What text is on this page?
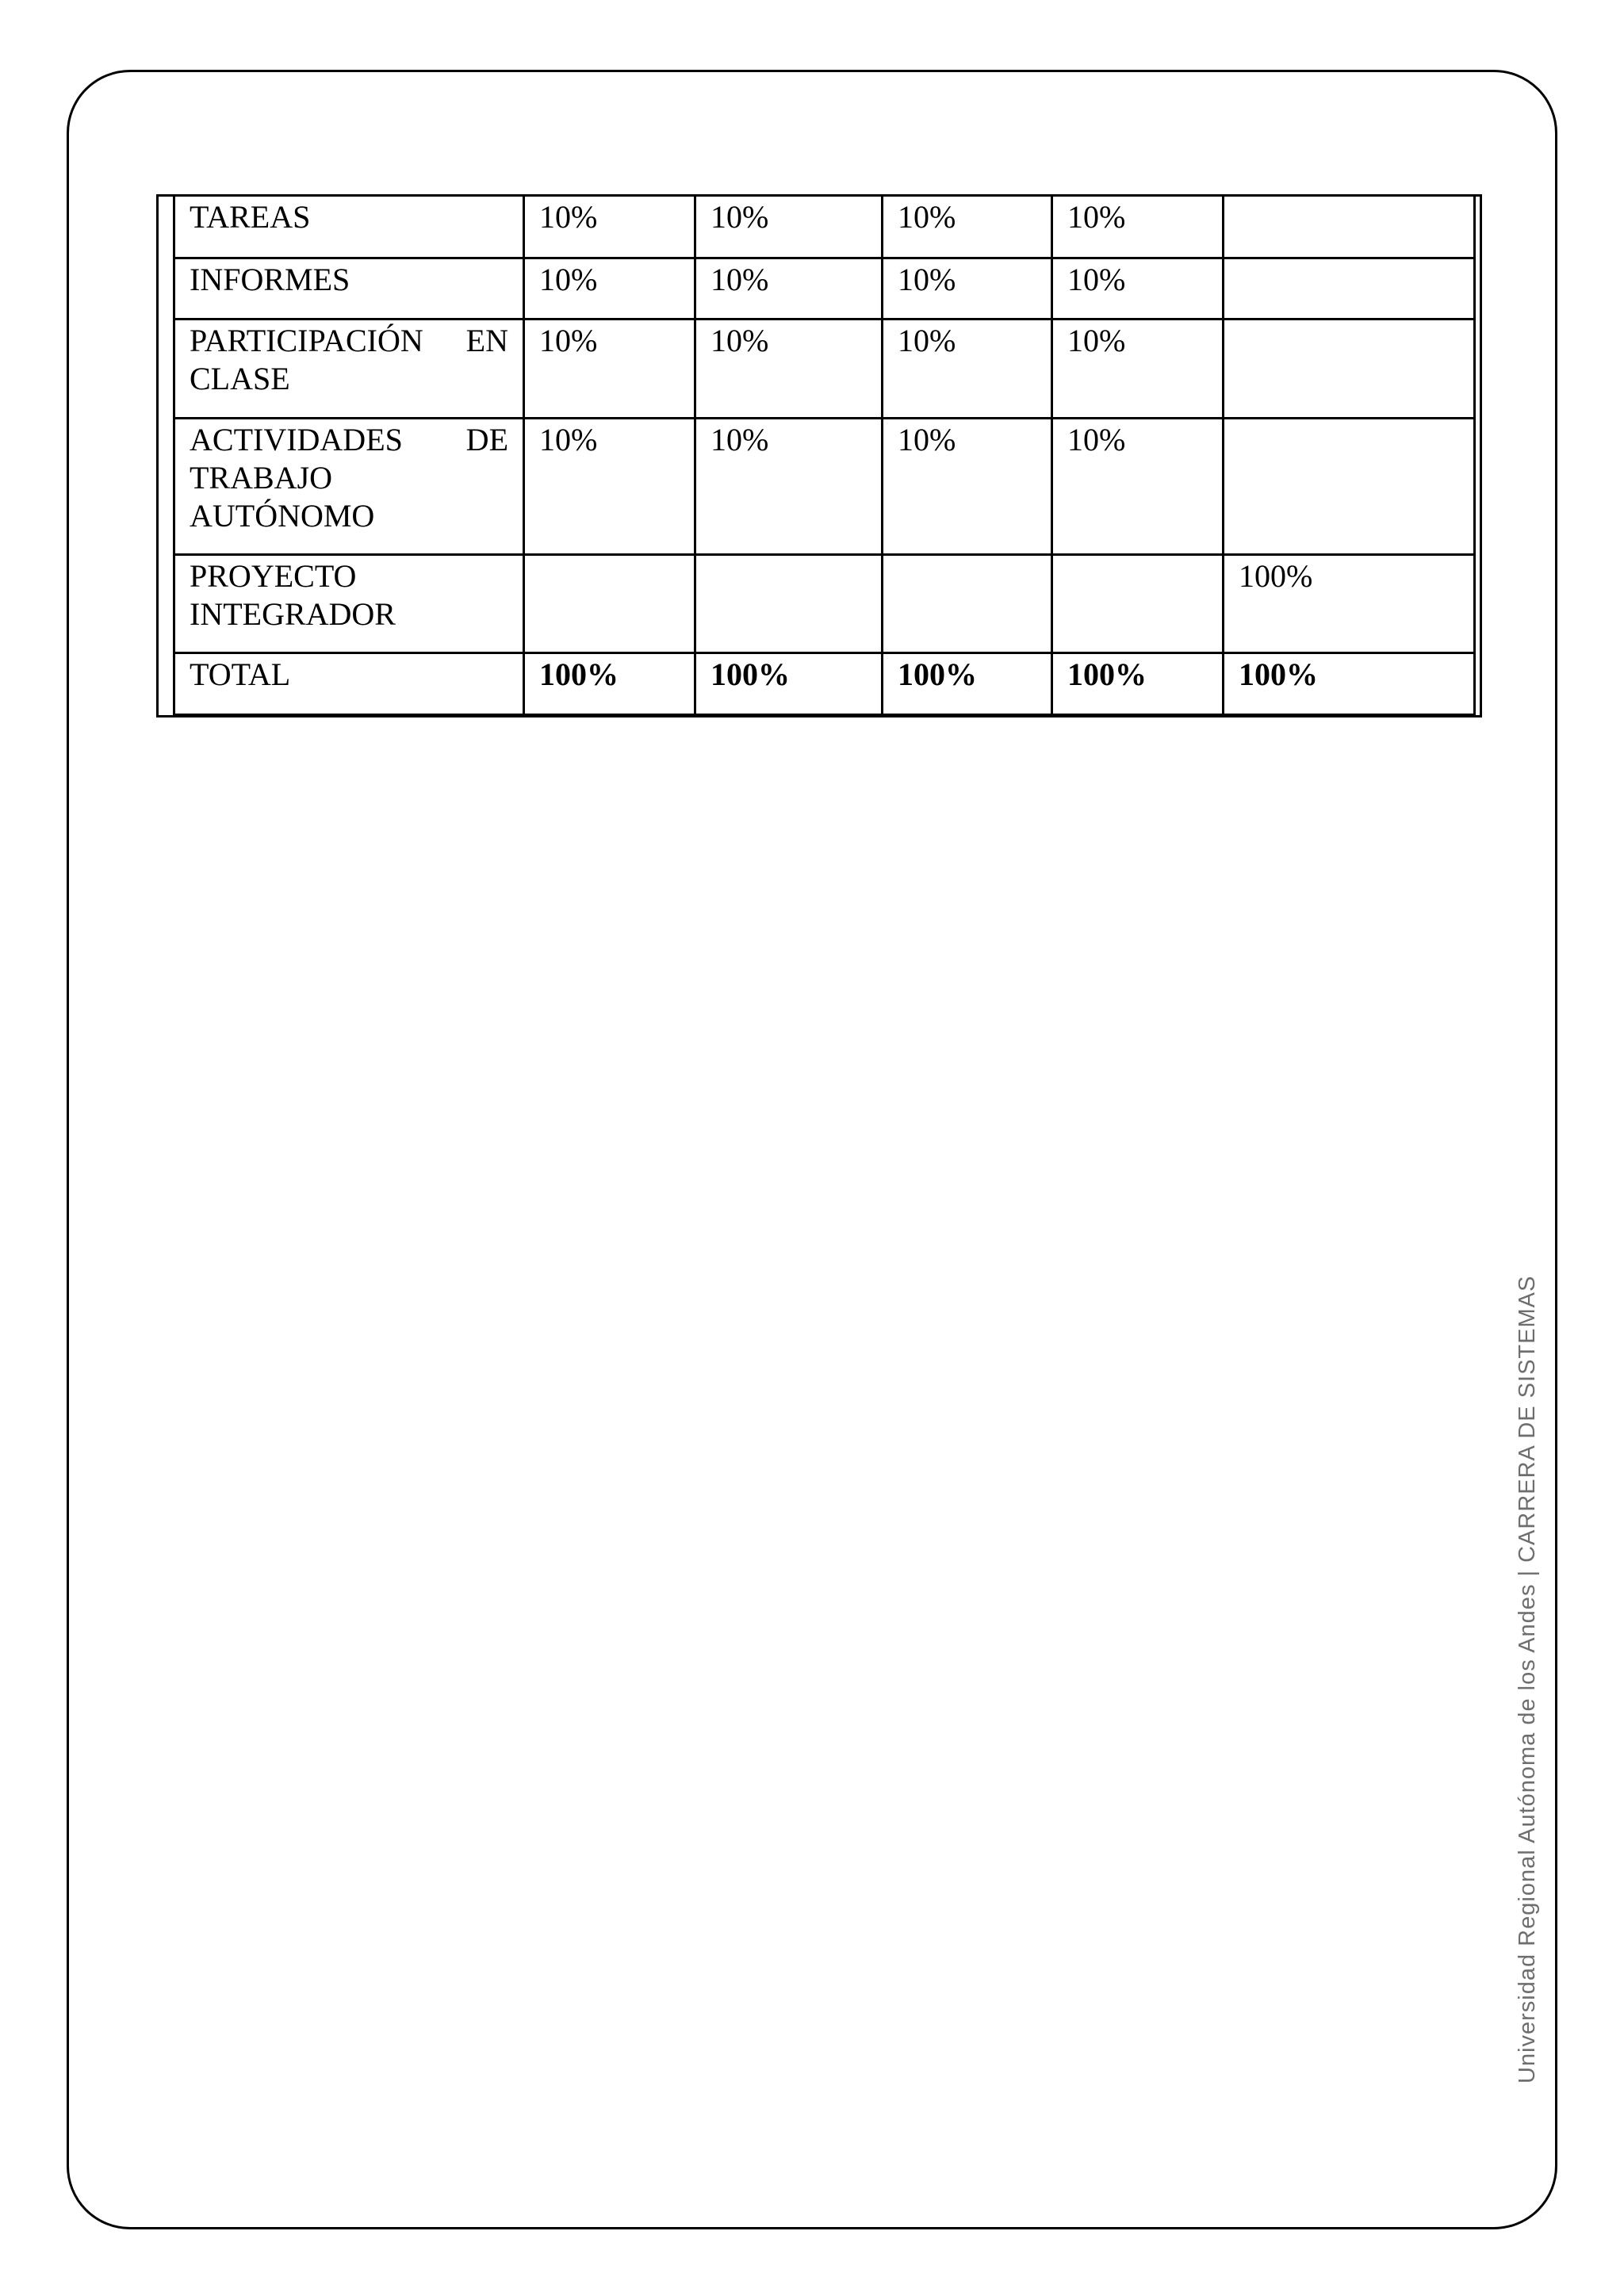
TAREAS	10%	10%	10%	10%	
INFORMES	10%	10%	10%	10%	
PARTICIPACIÓN EN CLASE	10%	10%	10%	10%	
ACTIVIDADES DE TRABAJO AUTÓNOMO	10%	10%	10%	10%	
PROYECTO INTEGRADOR					100%
TOTAL	100%	100%	100%	100%	100%
Universidad Regional Autónoma de los Andes | CARRERA DE SISTEMAS
